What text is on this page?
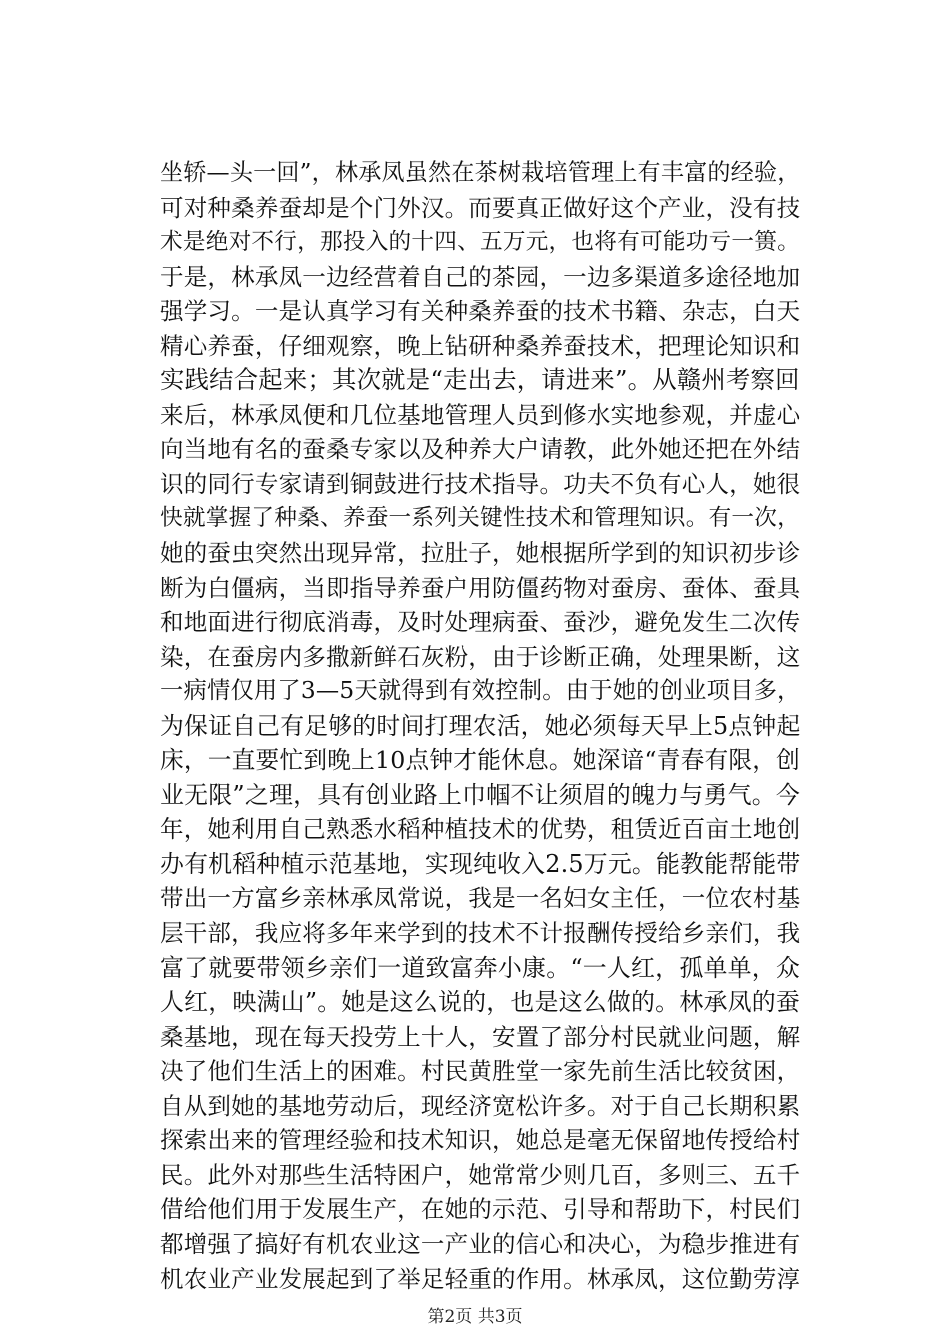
坐轿—头一回”，林承凤虽然在茶树栽培管理上有丰富的经验，
可对种桑养蚕却是个门外汉。而要真正做好这个产业，没有技
术是绝对不行，那投入的十四、五万元，也将有可能功亏一篑。
于是，林承凤一边经营着自己的茶园，一边多渠道多途径地加
强学习。一是认真学习有关种桑养蚕的技术书籍、杂志，白天
精心养蚕，仔细观察，晚上钻研种桑养蚕技术，把理论知识和
实践结合起来；其次就是“走出去，请进来”。从赣州考察回
来后，林承凤便和几位基地管理人员到修水实地参观，并虚心
向当地有名的蚕桑专家以及种养大户请教，此外她还把在外结
识的同行专家请到铜鼓进行技术指导。功夫不负有心人，她很
快就掌握了种桑、养蚕一系列关键性技术和管理知识。有一次，
她的蚕虫突然出现异常，拉肚子，她根据所学到的知识初步诊
断为白僵病，当即指导养蚕户用防僵药物对蚕房、蚕体、蚕具
和地面进行彻底消毒，及时处理病蚕、蚕沙，避免发生二次传
染，在蚕房内多撒新鲜石灰粉，由于诊断正确，处理果断，这
一病情仅用了3—5天就得到有效控制。由于她的创业项目多，
为保证自己有足够的时间打理农活，她必须每天早上5点钟起
床，一直要忙到晚上10点钟才能休息。她深谙“青春有限，创
业无限”之理，具有创业路上巾帼不让须眉的魄力与勇气。今
年，她利用自己熟悉水稻种植技术的优势，租赁近百亩土地创
办有机稻种植示范基地，实现纯收入2.5万元。能教能帮能带
带出一方富乡亲林承凤常说，我是一名妇女主任，一位农村基
层干部，我应将多年来学到的技术不计报酬传授给乡亲们，我
富了就要带领乡亲们一道致富奔小康。“一人红，孤单单，众
人红，映满山”。她是这么说的，也是这么做的。林承凤的蚕
桑基地，现在每天投劳上十人，安置了部分村民就业问题，解
决了他们生活上的困难。村民黄胜堂一家先前生活比较贫困，
自从到她的基地劳动后，现经济宽松许多。对于自己长期积累
探索出来的管理经验和技术知识，她总是毫无保留地传授给村
民。此外对那些生活特困户，她常常少则几百，多则三、五千
借给他们用于发展生产，在她的示范、引导和帮助下，村民们
都增强了搞好有机农业这一产业的信心和决心，为稳步推进有
机农业产业发展起到了举足轻重的作用。林承凤，这位勤劳淳
第2页 共3页
